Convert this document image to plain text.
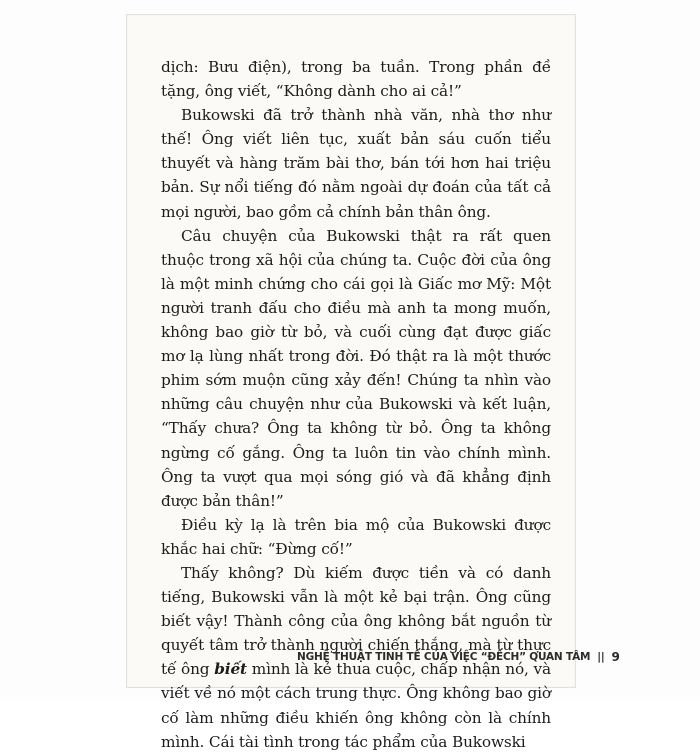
dịch: Bưu điện), trong ba tuần. Trong phần đề tặng, ông viết, “Không dành cho ai cả!”

Bukowski đã trở thành nhà văn, nhà thơ như thế! Ông viết liên tục, xuất bản sáu cuốn tiểu thuyết và hàng trăm bài thơ, bán tới hơn hai triệu bản. Sự nổi tiếng đó nằm ngoài dự đoán của tất cả mọi người, bao gồm cả chính bản thân ông.

Câu chuyện của Bukowski thật ra rất quen thuộc trong xã hội của chúng ta. Cuộc đời của ông là một minh chứng cho cái gọi là Giấc mơ Mỹ: Một người tranh đấu cho điều mà anh ta mong muốn, không bao giờ từ bỏ, và cuối cùng đạt được giấc mơ lạ lùng nhất trong đời. Đó thật ra là một thước phim sớm muộn cũng xảy đến! Chúng ta nhìn vào những câu chuyện như của Bukowski và kết luận, “Thấy chưa? Ông ta không từ bỏ. Ông ta không ngừng cố gắng. Ông ta luôn tin vào chính mình. Ông ta vượt qua mọi sóng gió và đã khẳng định được bản thân!”

Điều kỳ lạ là trên bia mộ của Bukowski được khắc hai chữ: “Đừng cố!”

Thấy không? Dù kiếm được tiền và có danh tiếng, Bukowski vẫn là một kẻ bại trận. Ông cũng biết vậy! Thành công của ông không bắt nguồn từ quyết tâm trở thành người chiến thắng, mà từ thực tế ông biết mình là kẻ thua cuộc, chấp nhận nó, và viết về nó một cách trung thực. Ông không bao giờ cố làm những điều khiến ông không còn là chính mình. Cái tài tình trong tác phẩm của Bukowski

NGHỆ THUẬT TINH TẾ CỦA VIỆC “ĐẾCH” QUAN TÂM || 9
